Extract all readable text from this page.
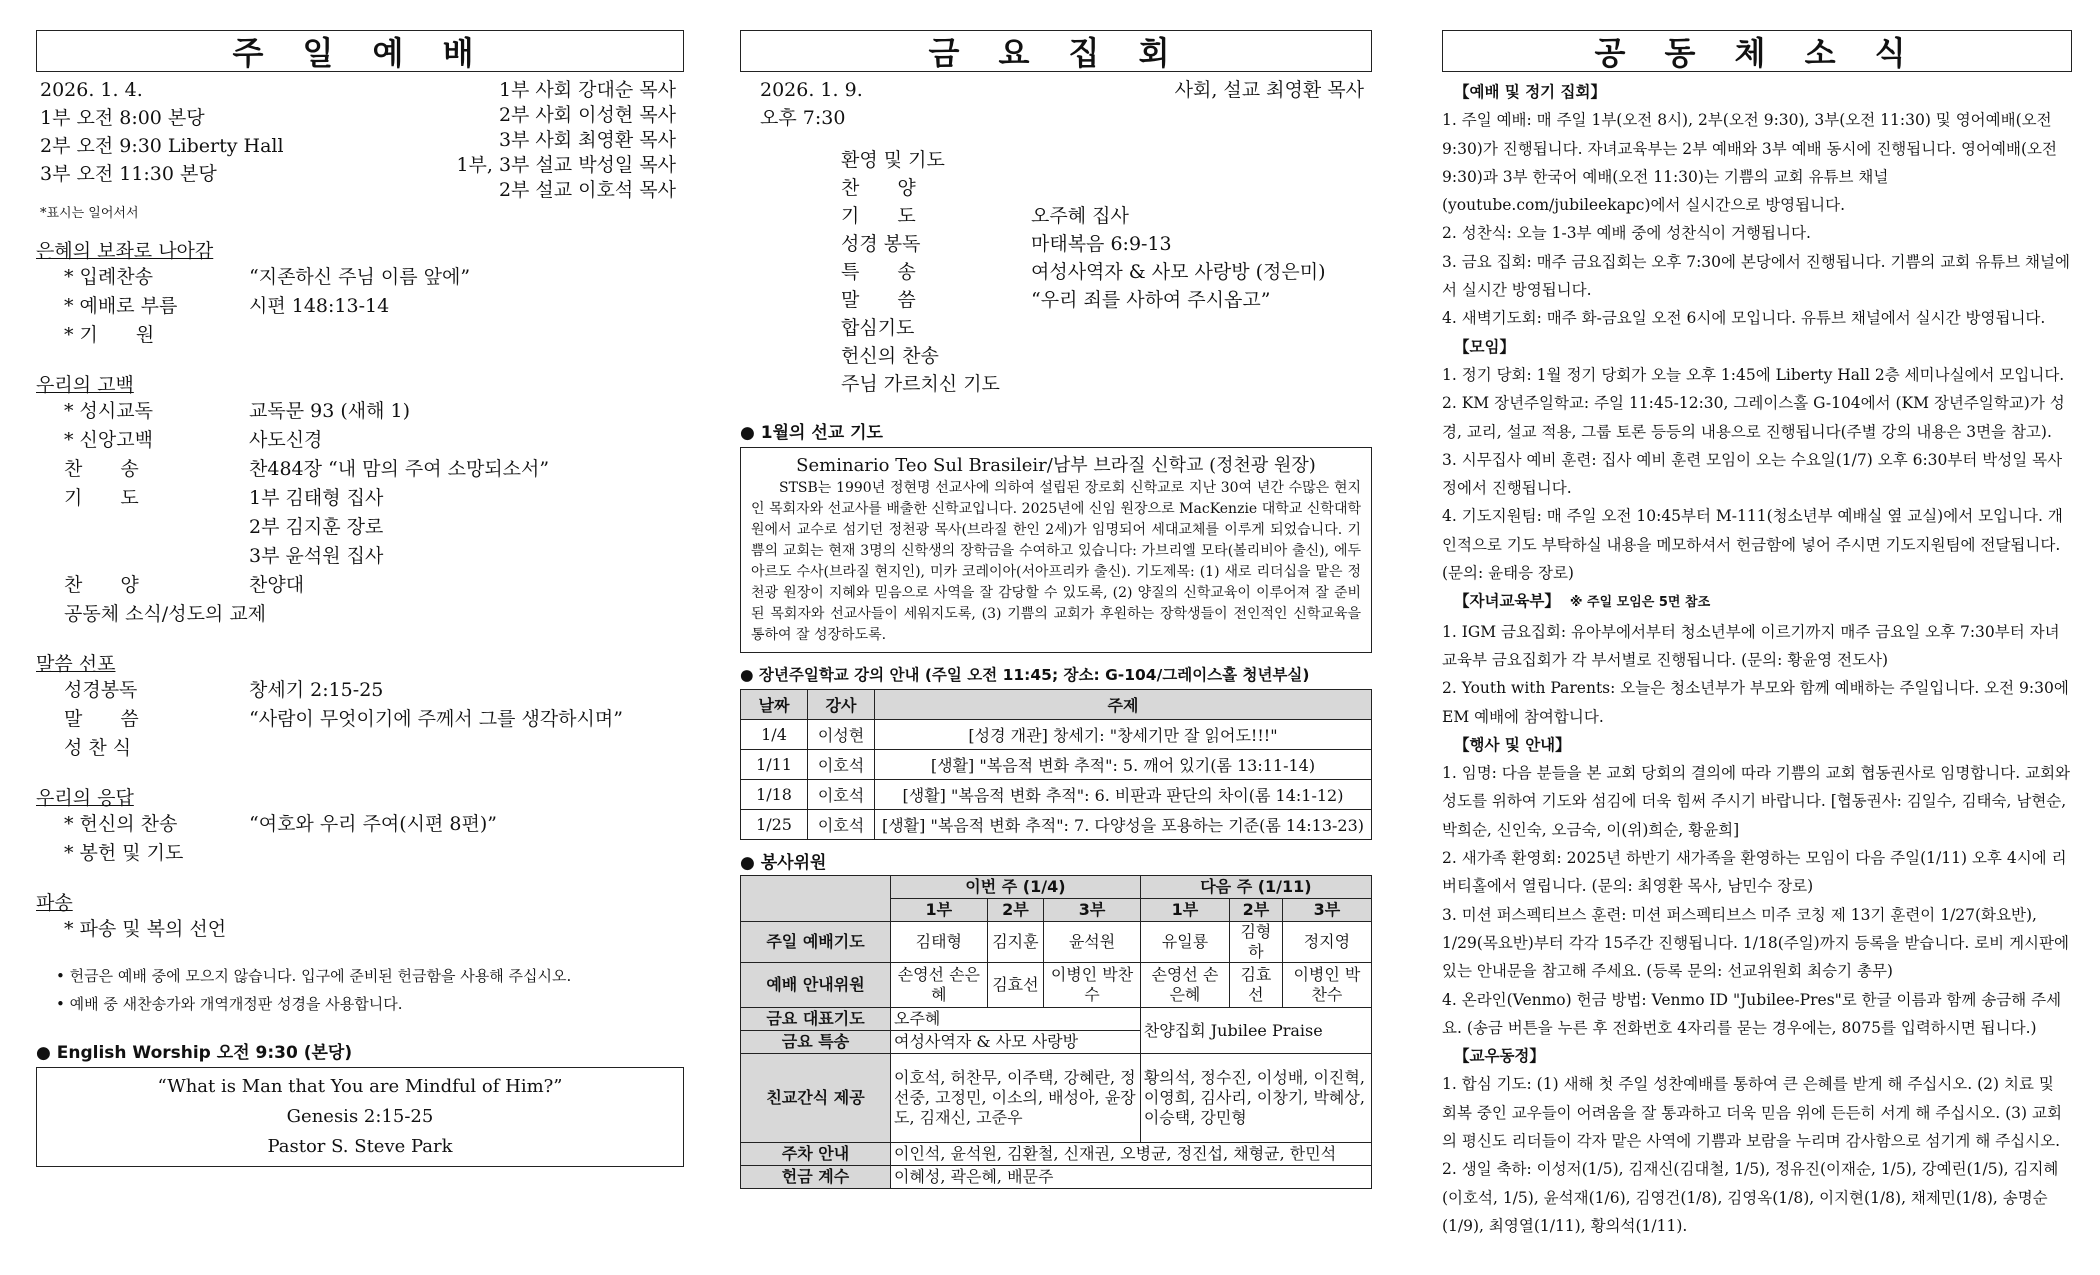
주 일 예 배
2026. 1. 4.
1부 오전 8:00 본당
2부 오전 9:30 Liberty Hall
3부 오전 11:30 본당
1부 사회 강대순 목사
2부 사회 이성현 목사
3부 사회 최영환 목사
1부, 3부 설교 박성일 목사
2부 설교 이호석 목사
*표시는 일어서서
은혜의 보좌로 나아감
* 입례찬송	“지존하신 주님 이름 앞에”
* 예배로 부름	시편 148:13-14
* 기　　원
우리의 고백
* 성시교독	교독문 93 (새해 1)
* 신앙고백	사도신경
찬　　송	찬484장 “내 맘의 주여 소망되소서”
기　　도	1부 김태형 집사
2부 김지훈 장로
3부 윤석원 집사
찬　　양	찬양대
공동체 소식/성도의 교제
말씀 선포
성경봉독	창세기 2:15-25
말　　씀	“사람이 무엇이기에 주께서 그를 생각하시며”
성 찬 식
우리의 응답
* 헌신의 찬송	“여호와 우리 주여(시편 8편)”
* 봉헌 및 기도
파송
* 파송 및 복의 선언
• 헌금은 예배 중에 모으지 않습니다. 입구에 준비된 헌금함을 사용해 주십시오.
• 예배 중 새찬송가와 개역개정판 성경을 사용합니다.
● English Worship 오전 9:30 (본당)
“What is Man that You are Mindful of Him?”
Genesis 2:15-25
Pastor S. Steve Park
금 요 집 회
2026. 1. 9.
오후 7:30
사회, 설교 최영환 목사
환영 및 기도
찬　　양
기　　도	오주혜 집사
성경 봉독	마태복음 6:9-13
특　　송	여성사역자 & 사모 사랑방 (정은미)
말　　씀	“우리 죄를 사하여 주시옵고”
합심기도
헌신의 찬송
주님 가르치신 기도
● 1월의 선교 기도
Seminario Teo Sul Brasileir/남부 브라질 신학교 (정천광 원장)

STSB는 1990년 정현명 선교사에 의하여 설립된 장로회 신학교로 지난 30여 년간 수많은 현지인 목회자와 선교사를 배출한 신학교입니다. 2025년에 신임 원장으로 MacKenzie 대학교 신학대학원에서 교수로 섬기던 정천광 목사(브라질 한인 2세)가 임명되어 세대교체를 이루게 되었습니다. 기쁨의 교회는 현재 3명의 신학생의 장학금을 수여하고 있습니다: 가브리엘 모타(볼리비아 출신), 에두아르도 수사(브라질 현지인), 미카 코레이아(서아프리카 출신). 기도제목: (1) 새로 리더십을 맡은 정천광 원장이 지혜와 믿음으로 사역을 잘 감당할 수 있도록, (2) 양질의 신학교육이 이루어져 잘 준비된 목회자와 선교사들이 세워지도록, (3) 기쁨의 교회가 후원하는 장학생들이 전인적인 신학교육을 통하여 잘 성장하도록.

● 장년주일학교 강의 안내 (주일 오전 11:45; 장소: G-104/그레이스홀 청년부실)
날짜	강사	주제
1/4	이성현	[성경 개관] 창세기: "창세기만 잘 읽어도!!!"
1/11	이호석	[생활] "복음적 변화 추적": 5. 깨어 있기(롬 13:11-14)
1/18	이호석	[생활] "복음적 변화 추적": 6. 비판과 판단의 차이(롬 14:1-12)
1/25	이호석	[생활] "복음적 변화 추적": 7. 다양성을 포용하는 기준(롬 14:13-23)
● 봉사위원
	이번 주 (1/4)			다음 주 (1/11)		
	1부	2부	3부	1부	2부	3부
주일 예배기도	김태형	김지훈	윤석원	유일룡	김형하	정지영
예배 안내위원	손영선 손은혜	김효선	이병인 박찬수	손영선 손은혜	김효선	이병인 박찬수
금요 대표기도	오주혜			찬양집회 Jubilee Praise		
금요 특송	여성사역자 & 사모 사랑방					
친교간식 제공	이호석, 허찬무, 이주택, 강혜란, 정선중, 고정민, 이소의, 배성아, 윤장도, 김재신, 고준우			황의석, 정수진, 이성배, 이진혁, 이영희, 김사리, 이창기, 박혜상, 이승택, 강민형		
주차 안내	이인석, 윤석원, 김환철, 신재권, 오병균, 정진섭, 채형균, 한민석					
헌금 계수	이혜성, 곽은혜, 배문주					
공 동 체 소 식
【예배 및 정기 집회】

1. 주일 예배: 매 주일 1부(오전 8시), 2부(오전 9:30), 3부(오전 11:30) 및 영어예배(오전 9:30)가 진행됩니다. 자녀교육부는 2부 예배와 3부 예배 동시에 진행됩니다. 영어예배(오전 9:30)과 3부 한국어 예배(오전 11:30)는 기쁨의 교회 유튜브 채널(youtube.com/jubileekapc)에서 실시간으로 방영됩니다.

2. 성찬식: 오늘 1-3부 예배 중에 성찬식이 거행됩니다.

3. 금요 집회: 매주 금요집회는 오후 7:30에 본당에서 진행됩니다. 기쁨의 교회 유튜브 채널에서 실시간 방영됩니다.

4. 새벽기도회: 매주 화-금요일 오전 6시에 모입니다. 유튜브 채널에서 실시간 방영됩니다.

【모임】

1. 정기 당회: 1월 정기 당회가 오늘 오후 1:45에 Liberty Hall 2층 세미나실에서 모입니다.

2. KM 장년주일학교: 주일 11:45-12:30, 그레이스홀 G-104에서 (KM 장년주일학교)가 성경, 교리, 설교 적용, 그룹 토론 등등의 내용으로 진행됩니다(주별 강의 내용은 3면을 참고).

3. 시무집사 예비 훈련: 집사 예비 훈련 모임이 오는 수요일(1/7) 오후 6:30부터 박성일 목사 정에서 진행됩니다.

4. 기도지원팀: 매 주일 오전 10:45부터 M-111(청소년부 예배실 옆 교실)에서 모입니다. 개인적으로 기도 부탁하실 내용을 메모하셔서 헌금함에 넣어 주시면 기도지원팀에 전달됩니다. (문의: 윤태응 장로)

【자녀교육부】 ※ 주일 모임은 5면 참조

1. IGM 금요집회: 유아부에서부터 청소년부에 이르기까지 매주 금요일 오후 7:30부터 자녀교육부 금요집회가 각 부서별로 진행됩니다. (문의: 황윤영 전도사)

2. Youth with Parents: 오늘은 청소년부가 부모와 함께 예배하는 주일입니다. 오전 9:30에 EM 예배에 참여합니다.

【행사 및 안내】

1. 임명: 다음 분들을 본 교회 당회의 결의에 따라 기쁨의 교회 협동권사로 임명합니다. 교회와 성도를 위하여 기도와 섬김에 더욱 힘써 주시기 바랍니다. [협동권사: 김일수, 김태숙, 남현순, 박희순, 신인숙, 오금숙, 이(위)희순, 황윤희]

2. 새가족 환영회: 2025년 하반기 새가족을 환영하는 모임이 다음 주일(1/11) 오후 4시에 리버티홀에서 열립니다. (문의: 최영환 목사, 남민수 장로)

3. 미션 퍼스펙티브스 훈련: 미션 퍼스펙티브스 미주 코칭 제 13기 훈련이 1/27(화요반), 1/29(목요반)부터 각각 15주간 진행됩니다. 1/18(주일)까지 등록을 받습니다. 로비 게시판에 있는 안내문을 참고해 주세요. (등록 문의: 선교위원회 최승기 총무)

4. 온라인(Venmo) 헌금 방법: Venmo ID "Jubilee-Pres"로 한글 이름과 함께 송금해 주세요. (송금 버튼을 누른 후 전화번호 4자리를 묻는 경우에는, 8075를 입력하시면 됩니다.)

【교우동정】

1. 합심 기도: (1) 새해 첫 주일 성찬예배를 통하여 큰 은혜를 받게 해 주십시오. (2) 치료 및 회복 중인 교우들이 어려움을 잘 통과하고 더욱 믿음 위에 든든히 서게 해 주십시오. (3) 교회의 평신도 리더들이 각자 맡은 사역에 기쁨과 보람을 누리며 감사함으로 섬기게 해 주십시오.

2. 생일 축하: 이성저(1/5), 김재신(김대철, 1/5), 정유진(이재순, 1/5), 강예린(1/5), 김지혜(이호석, 1/5), 윤석재(1/6), 김영건(1/8), 김영옥(1/8), 이지현(1/8), 채제민(1/8), 송명순(1/9), 최영열(1/11), 황의석(1/11).
